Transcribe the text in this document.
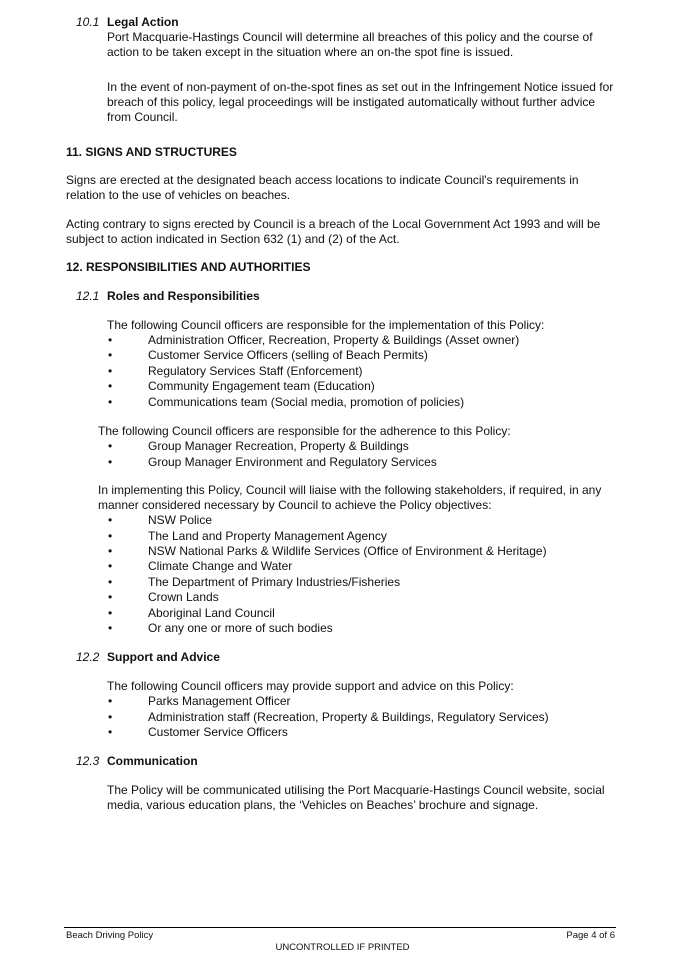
10.1 Legal Action
Port Macquarie-Hastings Council will determine all breaches of this policy and the course of
action to be taken except in the situation where an on-the spot fine is issued.
In the event of non-payment of on-the-spot fines as set out in the Infringement Notice issued for
breach of this policy, legal proceedings will be instigated automatically without further advice
from Council.
11. SIGNS AND STRUCTURES
Signs are erected at the designated beach access locations to indicate Council's requirements in
relation to the use of vehicles on beaches.
Acting contrary to signs erected by Council is a breach of the Local Government Act 1993 and will be
subject to action indicated in Section 632 (1) and (2) of the Act.
12. RESPONSIBILITIES AND AUTHORITIES
12.1 Roles and Responsibilities
The following Council officers are responsible for the implementation of this Policy:
•	Administration Officer, Recreation, Property & Buildings (Asset owner)
•	Customer Service Officers (selling of Beach Permits)
•	Regulatory Services Staff (Enforcement)
•	Community Engagement team (Education)
•	Communications team (Social media, promotion of policies)
The following Council officers are responsible for the adherence to this Policy:
•	Group Manager Recreation, Property & Buildings
•	Group Manager Environment and Regulatory Services
In implementing this Policy, Council will liaise with the following stakeholders, if required, in any
manner considered necessary by Council to achieve the Policy objectives:
•	NSW Police
•	The Land and Property Management Agency
•	NSW National Parks & Wildlife Services (Office of Environment & Heritage)
•	Climate Change and Water
•	The Department of Primary Industries/Fisheries
•	Crown Lands
•	Aboriginal Land Council
•	Or any one or more of such bodies
12.2 Support and Advice
The following Council officers may provide support and advice on this Policy:
•	Parks Management Officer
•	Administration staff (Recreation, Property & Buildings, Regulatory Services)
•	Customer Service Officers
12.3 Communication
The Policy will be communicated utilising the Port Macquarie-Hastings Council website, social
media, various education plans, the ‘Vehicles on Beaches’ brochure and signage.
Beach Driving Policy	Page 4 of 6
UNCONTROLLED IF PRINTED
